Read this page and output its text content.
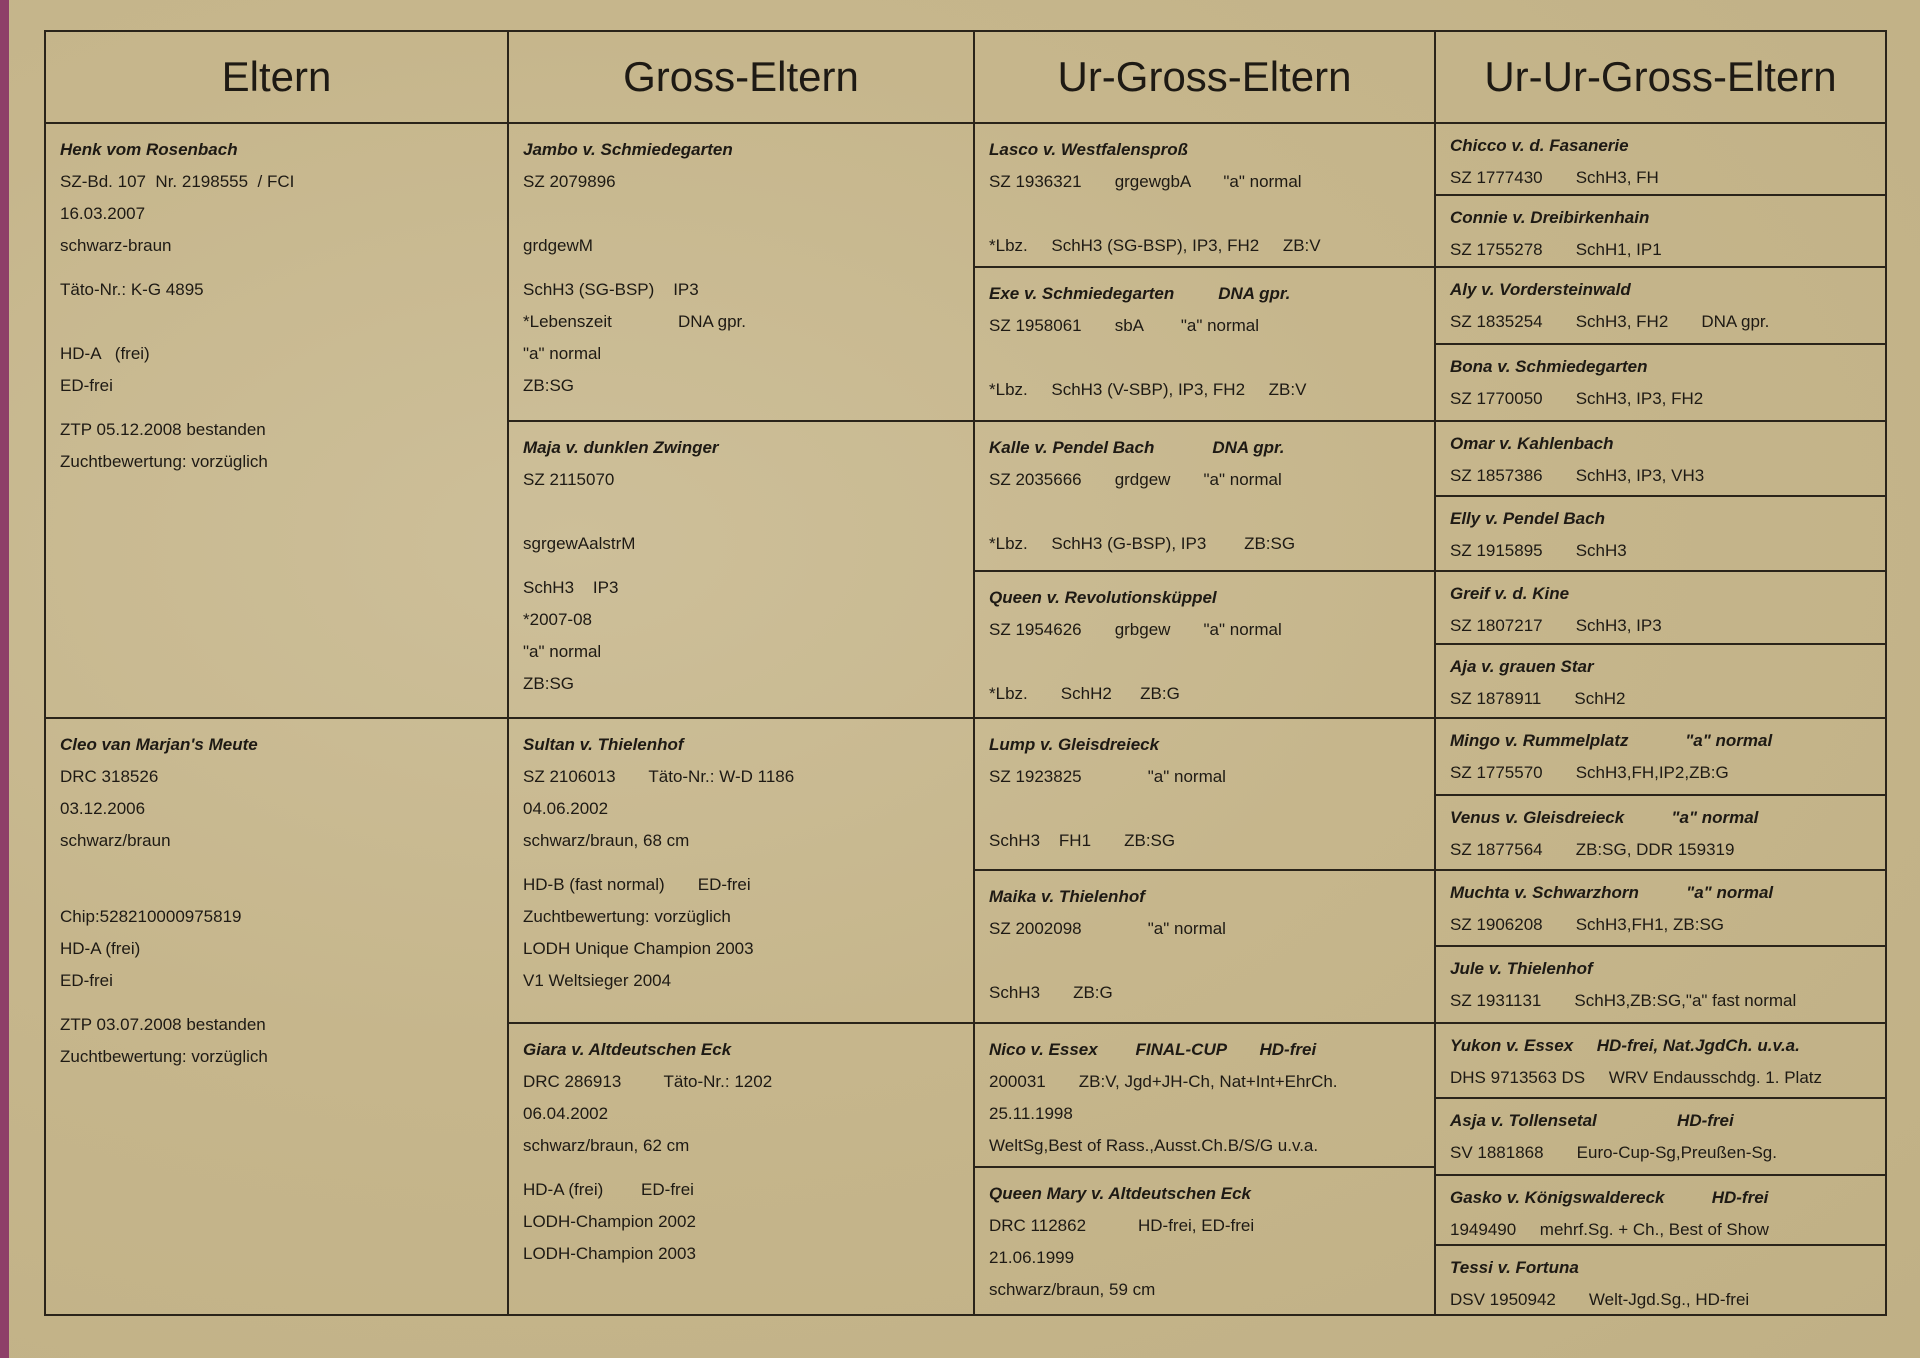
Eltern
Henk vom Rosenbach
SZ-Bd. 107  Nr. 2198555  / FCI
16.03.2007
schwarz-braun
Täto-Nr.: K-G 4895
HD-A   (frei)
ED-frei
ZTP 05.12.2008 bestanden
Zuchtbewertung: vorzüglich
Cleo van Marjan's Meute
DRC 318526
03.12.2006
schwarz/braun
Chip:528210000975819
HD-A (frei)
ED-frei
ZTP 03.07.2008 bestanden
Zuchtbewertung: vorzüglich
Gross-Eltern
Jambo v. Schmiedegarten
SZ 2079896
grdgewM
SchH3 (SG-BSP)    IP3
*Lebenszeit              DNA gpr.
"a" normal
ZB:SG
Maja v. dunklen Zwinger
SZ 2115070
sgrgewAalstrM
SchH3    IP3
*2007-08
"a" normal
ZB:SG
Sultan v. Thielenhof
SZ 2106013       Täto-Nr.: W-D 1186
04.06.2002
schwarz/braun, 68 cm
HD-B (fast normal)       ED-frei
Zuchtbewertung: vorzüglich
LODH Unique Champion 2003
V1 Weltsieger 2004
Giara v. Altdeutschen Eck
DRC 286913         Täto-Nr.: 1202
06.04.2002
schwarz/braun, 62 cm
HD-A (frei)        ED-frei
LODH-Champion 2002
LODH-Champion 2003
Ur-Gross-Eltern
Lasco v. Westfalensproß
SZ 1936321       grgewgbA       "a" normal
*Lbz.     SchH3 (SG-BSP), IP3, FH2     ZB:V
Exe v. Schmiedegarten	DNA gpr.
SZ 1958061       sbA        "a" normal
*Lbz.     SchH3 (V-SBP), IP3, FH2     ZB:V
Kalle v. Pendel Bach	DNA gpr.
SZ 2035666       grdgew       "a" normal
*Lbz.     SchH3 (G-BSP), IP3        ZB:SG
Queen v. Revolutionsküppel
SZ 1954626       grbgew       "a" normal
*Lbz.       SchH2      ZB:G
Lump v. Gleisdreieck
SZ 1923825              "a" normal
SchH3    FH1       ZB:SG
Maika v. Thielenhof
SZ 2002098              "a" normal
SchH3       ZB:G
Nico v. Essex        FINAL-CUP       HD-frei
200031       ZB:V, Jgd+JH-Ch, Nat+Int+EhrCh.
25.11.1998
WeltSg,Best of Rass.,Ausst.Ch.B/S/G u.v.a.
Queen Mary v. Altdeutschen Eck
DRC 112862           HD-frei, ED-frei
21.06.1999
schwarz/braun, 59 cm
Ur-Ur-Gross-Eltern
Chicco v. d. Fasanerie
SZ 1777430       SchH3, FH
Connie v. Dreibirkenhain
SZ 1755278       SchH1, IP1
Aly v. Vordersteinwald
SZ 1835254       SchH3, FH2       DNA gpr.
Bona v. Schmiedegarten
SZ 1770050       SchH3, IP3, FH2
Omar v. Kahlenbach
SZ 1857386       SchH3, IP3, VH3
Elly v. Pendel Bach
SZ 1915895       SchH3
Greif v. d. Kine
SZ 1807217       SchH3, IP3
Aja v. grauen Star
SZ 1878911       SchH2
Mingo v. Rummelplatz            "a" normal
SZ 1775570       SchH3,FH,IP2,ZB:G
Venus v. Gleisdreieck          "a" normal
SZ 1877564       ZB:SG, DDR 159319
Muchta v. Schwarzhorn          "a" normal
SZ 1906208       SchH3,FH1, ZB:SG
Jule v. Thielenhof
SZ 1931131       SchH3,ZB:SG,"a" fast normal
Yukon v. Essex     HD-frei, Nat.JgdCh. u.v.a.
DHS 9713563 DS     WRV Endausschdg. 1. Platz
Asja v. Tollensetal                 HD-frei
SV 1881868       Euro-Cup-Sg,Preußen-Sg.
Gasko v. Königswaldereck          HD-frei
1949490     mehrf.Sg. + Ch., Best of Show
Tessi v. Fortuna
DSV 1950942       Welt-Jgd.Sg., HD-frei
